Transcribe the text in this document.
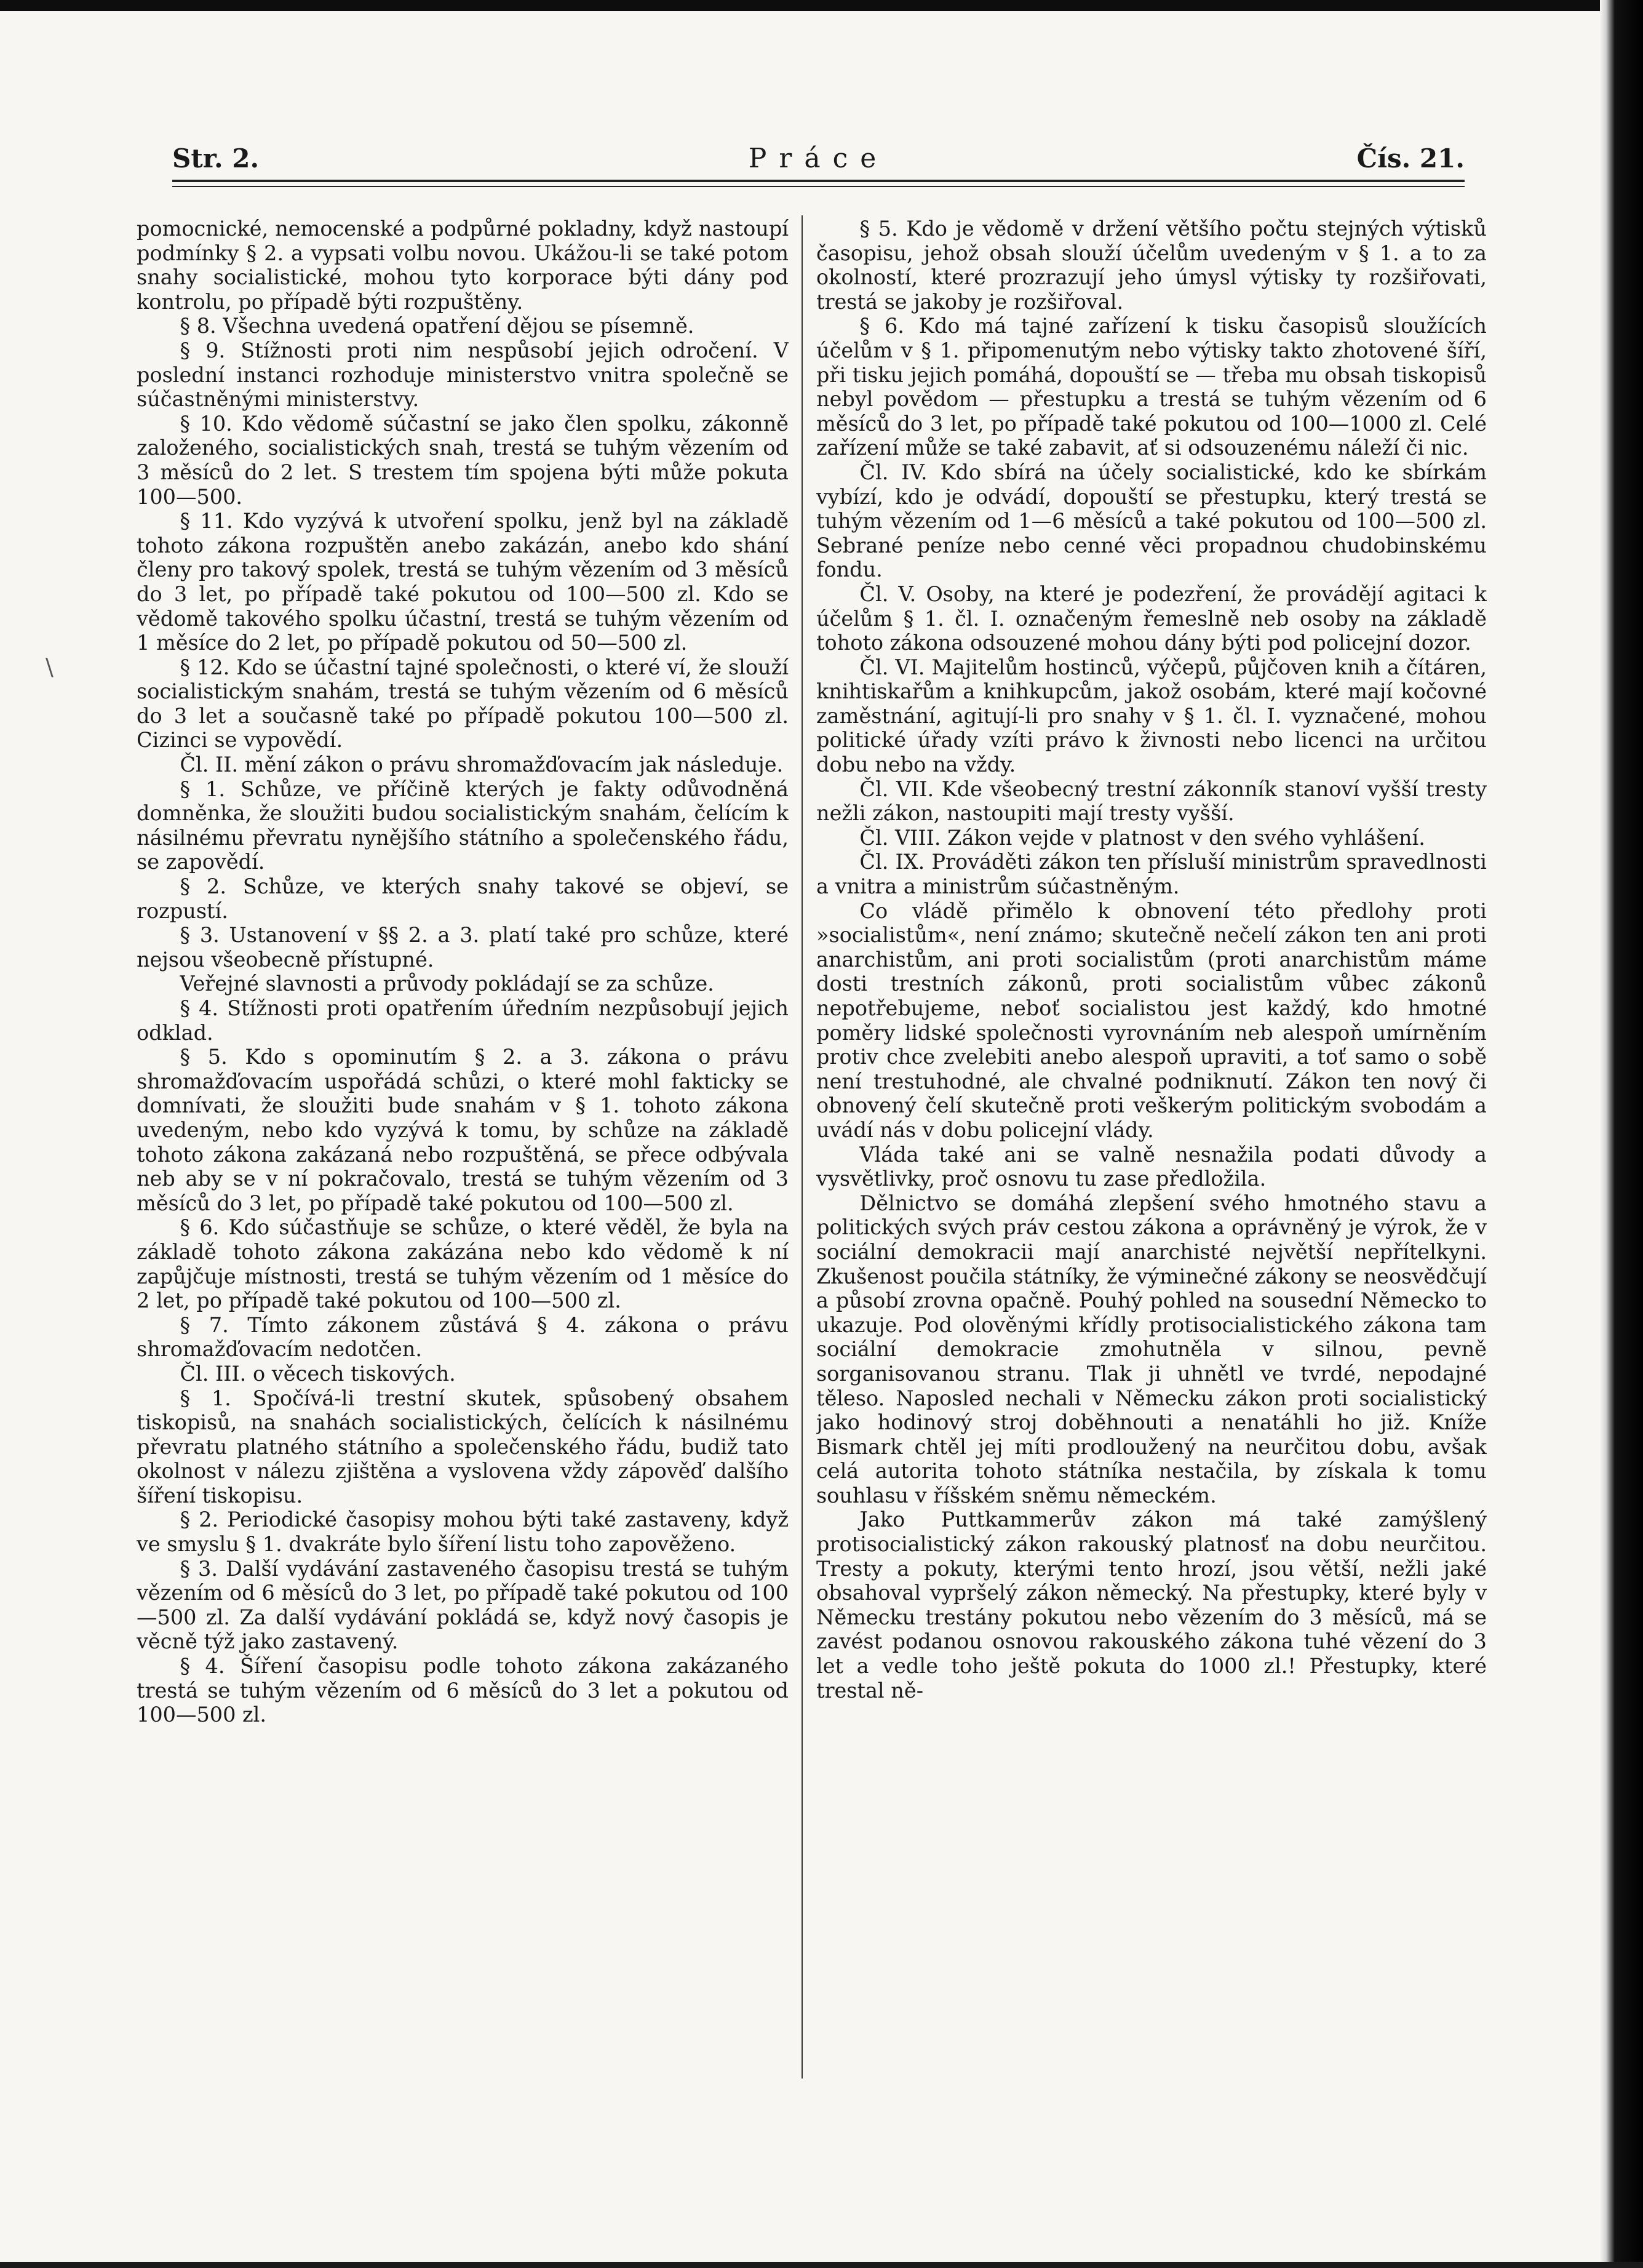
\
Str. 2.	Práce	Čís. 21.

pomocnické, nemocenské a podpůrné pokladny, když nastoupí podmínky § 2. a vypsati volbu novou. Ukážou-li se také potom snahy socialistické, mohou tyto korporace býti dány pod kontrolu, po případě býti rozpuštěny.

§ 8. Všechna uvedená opatření dějou se písemně.

§ 9. Stížnosti proti nim nespůsobí jejich odročení. V poslední instanci rozhoduje ministerstvo vnitra společně se súčastněnými ministerstvy.

§ 10. Kdo vědomě súčastní se jako člen spolku, zákonně založeného, socialistických snah, trestá se tuhým vězením od 3 měsíců do 2 let. S trestem tím spojena býti může pokuta 100—500.

§ 11. Kdo vyzývá k utvoření spolku, jenž byl na základě tohoto zákona rozpuštěn anebo zakázán, anebo kdo shání členy pro takový spolek, trestá se tuhým vězením od 3 měsíců do 3 let, po případě také pokutou od 100—500 zl. Kdo se vědomě takového spolku účastní, trestá se tuhým vězením od 1 měsíce do 2 let, po případě pokutou od 50—500 zl.

§ 12. Kdo se účastní tajné společnosti, o které ví, že slouží socialistickým snahám, trestá se tuhým vězením od 6 měsíců do 3 let a současně také po případě pokutou 100—500 zl. Cizinci se vypovědí.

Čl. II. mění zákon o právu shromažďovacím jak následuje.

§ 1. Schůze, ve příčině kterých je fakty odůvodněná domněnka, že sloužiti budou socialistickým snahám, čelícím k násilnému převratu nynějšího státního a společenského řádu, se zapovědí.

§ 2. Schůze, ve kterých snahy takové se objeví, se rozpustí.

§ 3. Ustanovení v §§ 2. a 3. platí také pro schůze, které nejsou všeobecně přístupné.

Veřejné slavnosti a průvody pokládají se za schůze.

§ 4. Stížnosti proti opatřením úředním nezpůsobují jejich odklad.

§ 5. Kdo s opominutím § 2. a 3. zákona o právu shromažďovacím uspořádá schůzi, o které mohl fakticky se domnívati, že sloužiti bude snahám v § 1. tohoto zákona uvedeným, nebo kdo vyzývá k tomu, by schůze na základě tohoto zákona zakázaná nebo rozpuštěná, se přece odbývala neb aby se v ní pokračovalo, trestá se tuhým vězením od 3 měsíců do 3 let, po případě také pokutou od 100—500 zl.

§ 6. Kdo súčastňuje se schůze, o které věděl, že byla na základě tohoto zákona zakázána nebo kdo vědomě k ní zapůjčuje místnosti, trestá se tuhým vězením od 1 měsíce do 2 let, po případě také pokutou od 100—500 zl.

§ 7. Tímto zákonem zůstává § 4. zákona o právu shromažďovacím nedotčen.

Čl. III. o věcech tiskových.

§ 1. Spočívá-li trestní skutek, spůsobený obsahem tiskopisů, na snahách socialistických, čelících k násilnému převratu platného státního a společenského řádu, budiž tato okolnost v nálezu zjištěna a vyslovena vždy zápověď dalšího šíření tiskopisu.

§ 2. Periodické časopisy mohou býti také zastaveny, když ve smyslu § 1. dvakráte bylo šíření listu toho zapověženo.

§ 3. Další vydávání zastaveného časopisu trestá se tuhým vězením od 6 měsíců do 3 let, po případě také pokutou od 100—500 zl. Za další vydávání pokládá se, když nový časopis je věcně týž jako zastavený.

§ 4. Šíření časopisu podle tohoto zákona zakázaného trestá se tuhým vězením od 6 měsíců do 3 let a pokutou od 100—500 zl.

§ 5. Kdo je vědomě v držení většího počtu stejných výtisků časopisu, jehož obsah slouží účelům uvedeným v § 1. a to za okolností, které prozrazují jeho úmysl výtisky ty rozšiřovati, trestá se jakoby je rozšiřoval.

§ 6. Kdo má tajné zařízení k tisku časopisů sloužících účelům v § 1. připomenutým nebo výtisky takto zhotovené šíří, při tisku jejich pomáhá, dopouští se — třeba mu obsah tiskopisů nebyl povědom — přestupku a trestá se tuhým vězením od 6 měsíců do 3 let, po případě také pokutou od 100—1000 zl. Celé zařízení může se také zabavit, ať si odsouzenému náleží či nic.

Čl. IV. Kdo sbírá na účely socialistické, kdo ke sbírkám vybízí, kdo je odvádí, dopouští se přestupku, který trestá se tuhým vězením od 1—6 měsíců a také pokutou od 100—500 zl. Sebrané peníze nebo cenné věci propadnou chudobinskému fondu.

Čl. V. Osoby, na které je podezření, že provádějí agitaci k účelům § 1. čl. I. označeným řemeslně neb osoby na základě tohoto zákona odsouzené mohou dány býti pod policejní dozor.

Čl. VI. Majitelům hostinců, výčepů, půjčoven knih a čítáren, knihtiskařům a knihkupcům, jakož osobám, které mají kočovné zaměstnání, agitují-li pro snahy v § 1. čl. I. vyznačené, mohou politické úřady vzíti právo k živnosti nebo licenci na určitou dobu nebo na vždy.

Čl. VII. Kde všeobecný trestní zákonník stanoví vyšší tresty nežli zákon, nastoupiti mají tresty vyšší.

Čl. VIII. Zákon vejde v platnost v den svého vyhlášení.

Čl. IX. Prováděti zákon ten přísluší ministrům spravedlnosti a vnitra a ministrům súčastněným.

Co vládě přimělo k obnovení této předlohy proti »socialistům«, není známo; skutečně nečelí zákon ten ani proti anarchistům, ani proti socialistům (proti anarchistům máme dosti trestních zákonů, proti socialistům vůbec zákonů nepotřebujeme, neboť socialistou jest každý, kdo hmotné poměry lidské společnosti vyrovnáním neb alespoň umírněním protiv chce zvelebiti anebo alespoň upraviti, a toť samo o sobě není trestuhodné, ale chvalné podniknutí. Zákon ten nový či obnovený čelí skutečně proti veškerým politickým svobodám a uvádí nás v dobu policejní vlády.

Vláda také ani se valně nesnažila podati důvody a vysvětlivky, proč osnovu tu zase předložila.

Dělnictvo se domáhá zlepšení svého hmotného stavu a politických svých práv cestou zákona a oprávněný je výrok, že v sociální demokracii mají anarchisté největší nepřítelkyni. Zkušenost poučila státníky, že výminečné zákony se neosvědčují a působí zrovna opačně. Pouhý pohled na sousední Německo to ukazuje. Pod olověnými křídly protisocialistického zákona tam sociální demokracie zmohutněla v silnou, pevně sorganisovanou stranu. Tlak ji uhnětl ve tvrdé, nepodajné těleso. Naposled nechali v Německu zákon proti socialistický jako hodinový stroj doběhnouti a nenatáhli ho již. Kníže Bismark chtěl jej míti prodloužený na neurčitou dobu, avšak celá autorita tohoto státníka nestačila, by získala k tomu souhlasu v říšském sněmu německém.

Jako Puttkammerův zákon má také zamýšlený protisocialistický zákon rakouský platnosť na dobu neurčitou. Tresty a pokuty, kterými tento hrozí, jsou větší, nežli jaké obsahoval vypršelý zákon německý. Na přestupky, které byly v Německu trestány pokutou nebo vězením do 3 měsíců, má se zavést podanou osnovou rakouského zákona tuhé vězení do 3 let a vedle toho ještě pokuta do 1000 zl.! Přestupky, které trestal ně-
